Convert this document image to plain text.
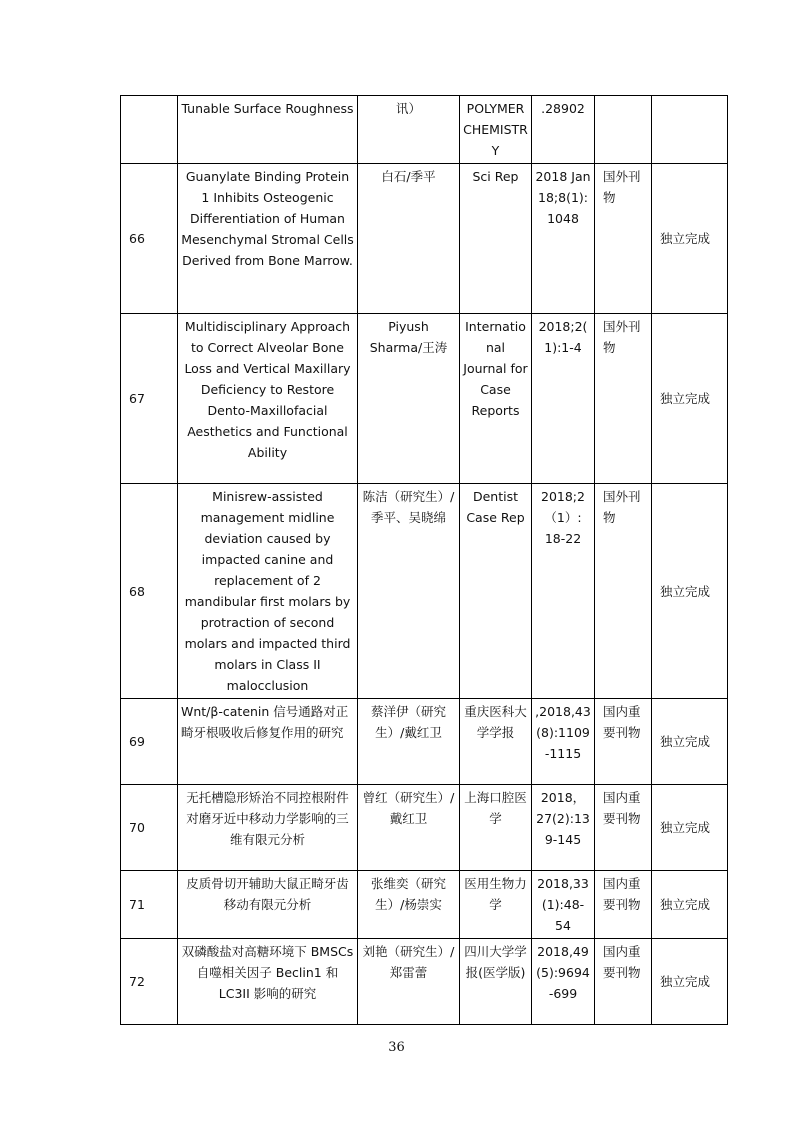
	Tunable Surface Roughness	讯）	POLYMER CHEMISTRY	.28902		
66	Guanylate Binding Protein 1 Inhibits Osteogenic Differentiation of Human Mesenchymal Stromal Cells Derived from Bone Marrow.	白石/季平	Sci Rep	2018 Jan 18;8(1):1048	国外刊物	独立完成
67	Multidisciplinary Approach to Correct Alveolar Bone Loss and Vertical Maxillary Deficiency to Restore Dento-Maxillofacial Aesthetics and Functional Ability	Piyush Sharma/王涛	International Journal for Case Reports	2018;2(1):1-4	国外刊物	独立完成
68	Minisrew-assisted management midline deviation caused by impacted canine and replacement of 2 mandibular first molars by protraction of second molars and impacted third molars in Class II malocclusion	陈洁（研究生）/季平、吴晓绵	Dentist Case Rep	2018;2（1）: 18-22	国外刊物	独立完成
69	Wnt/β-catenin 信号通路对正畸牙根吸收后修复作用的研究	蔡洋伊（研究生）/戴红卫	重庆医科大学学报	,2018,43(8):1109-1115	国内重要刊物	独立完成
70	无托槽隐形矫治不同控根附件对磨牙近中移动力学影响的三维有限元分析	曾红（研究生）/戴红卫	上海口腔医学	2018，27(2):139-145	国内重要刊物	独立完成
71	皮质骨切开辅助大鼠正畸牙齿移动有限元分析	张维奕（研究生）/杨崇实	医用生物力学	2018,33(1):48-54	国内重要刊物	独立完成
72	双磷酸盐对高糖环境下 BMSCs 自噬相关因子 Beclin1 和 LC3II 影响的研究	刘艳（研究生）/郑雷蕾	四川大学学报(医学版)	2018,49(5):9694-699	国内重要刊物	独立完成
36
